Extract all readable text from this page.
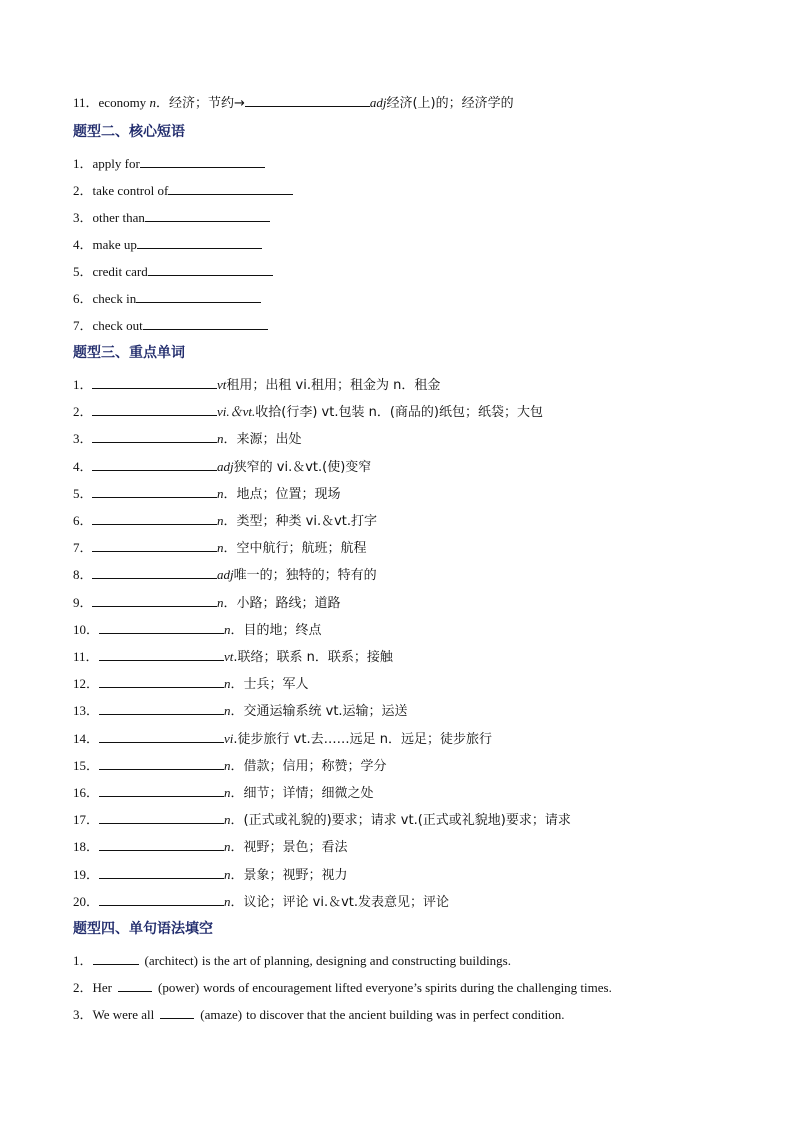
11．economy n．经济；节约→	adj经济(上)的；经济学的
题型二、核心短语
1．apply for
2．take control of
3．other than
4．make up
5．credit card
6．check in
7．check out
题型三、重点单词
1．	vt租用；出租 vi.租用；租金为 n．租金
2．	vi.＆vt.收拾(行李) vt.包装 n．(商品的)纸包；纸袋；大包
3．	n．来源；出处
4．	adj狭窄的 vi.＆vt.(使)变窄
5．	n．地点；位置；现场
6．	n．类型；种类 vi.＆vt.打字
7．	n．空中航行；航班；航程
8．	adj唯一的；独特的；特有的
9．	n．小路；路线；道路
10．	n．目的地；终点
11．	vt.联络；联系 n．联系；接触
12．	n．士兵；军人
13．	n．交通运输系统 vt.运输；运送
14．	vi.徒步旅行 vt.去……远足 n．远足；徒步旅行
15．	n．借款；信用；称赞；学分
16．	n．细节；详情；细微之处
17．	n．(正式或礼貌的)要求；请求 vt.(正式或礼貌地)要求；请求
18．	n．视野；景色；看法
19．	n．景象；视野；视力
20．	n．议论；评论 vi.＆vt.发表意见；评论
题型四、单句语法填空
1．	(architect) is the art of planning, designing and constructing buildings.
2．Her	(power) words of encouragement lifted everyone’s spirits during the challenging times.
3．We were all	(amaze) to discover that the ancient building was in perfect condition.
